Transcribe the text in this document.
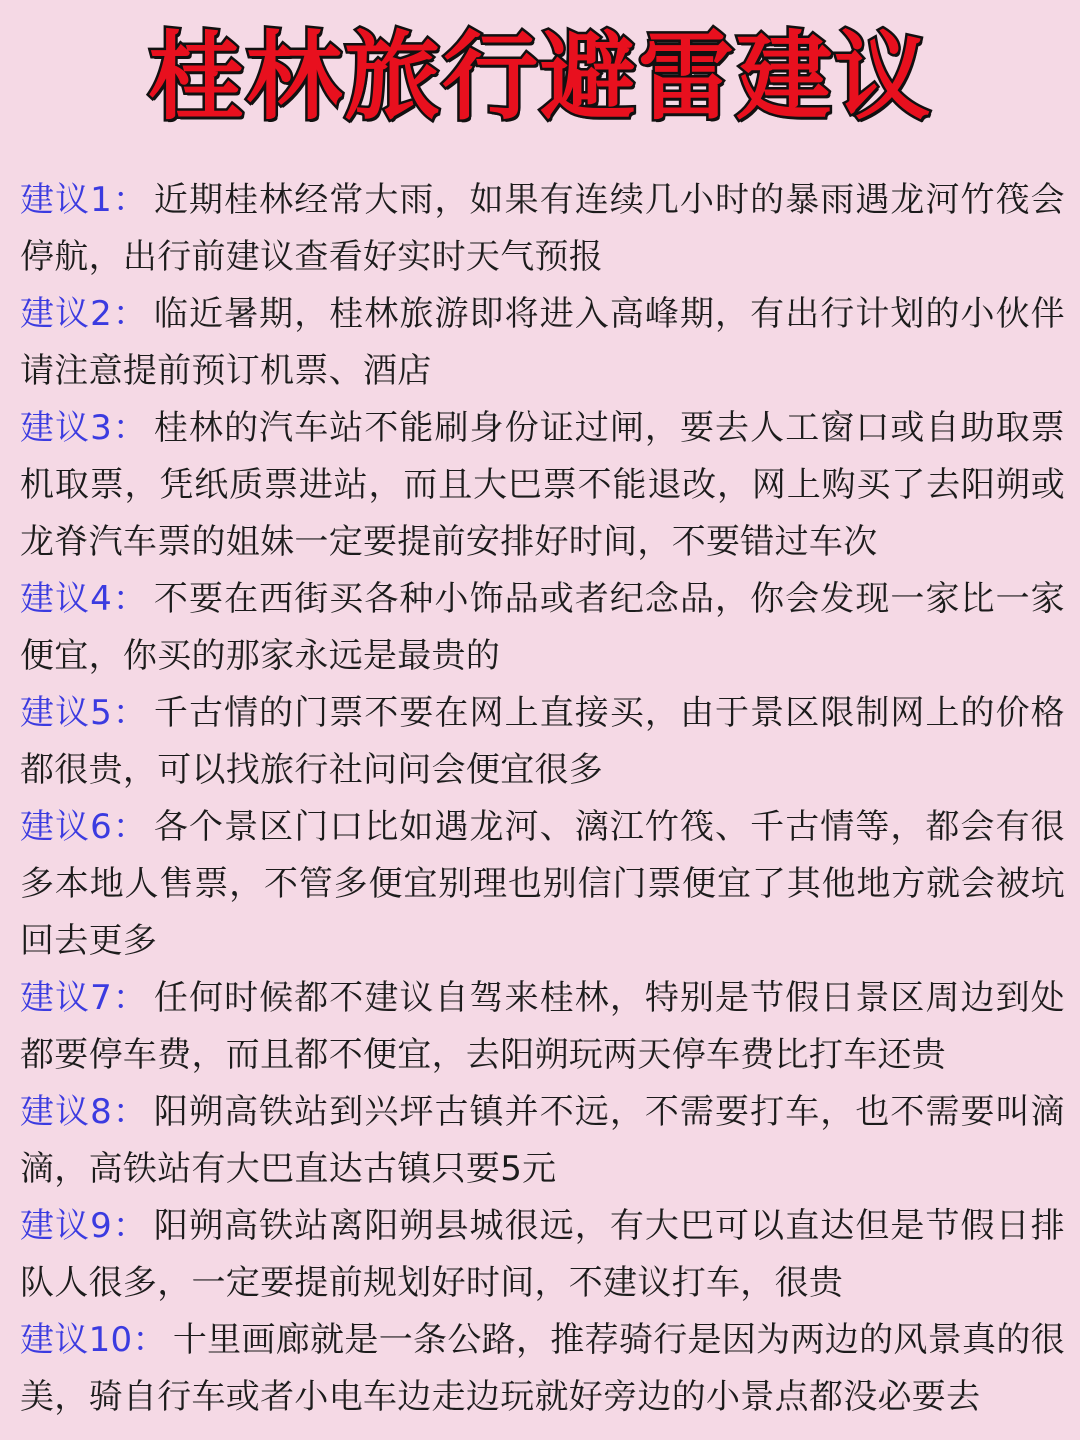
桂林旅行避雷建议

建议1： 近期桂林经常大雨，如果有连续几小时的暴雨遇龙河竹筏会停航，出行前建议查看好实时天气预报

建议2： 临近暑期，桂林旅游即将进入高峰期，有出行计划的小伙伴请注意提前预订机票、酒店

建议3： 桂林的汽车站不能刷身份证过闸，要去人工窗口或自助取票机取票，凭纸质票进站，而且大巴票不能退改，网上购买了去阳朔或龙脊汽车票的姐妹一定要提前安排好时间，不要错过车次

建议4： 不要在西街买各种小饰品或者纪念品，你会发现一家比一家便宜，你买的那家永远是最贵的

建议5： 千古情的门票不要在网上直接买，由于景区限制网上的价格都很贵，可以找旅行社问问会便宜很多

建议6： 各个景区门口比如遇龙河、漓江竹筏、千古情等，都会有很多本地人售票，不管多便宜别理也别信门票便宜了其他地方就会被坑回去更多

建议7： 任何时候都不建议自驾来桂林，特别是节假日景区周边到处都要停车费，而且都不便宜，去阳朔玩两天停车费比打车还贵

建议8： 阳朔高铁站到兴坪古镇并不远，不需要打车，也不需要叫滴滴，高铁站有大巴直达古镇只要5元

建议9： 阳朔高铁站离阳朔县城很远，有大巴可以直达但是节假日排队人很多，一定要提前规划好时间，不建议打车，很贵

建议10： 十里画廊就是一条公路，推荐骑行是因为两边的风景真的很美，骑自行车或者小电车边走边玩就好旁边的小景点都没必要去
